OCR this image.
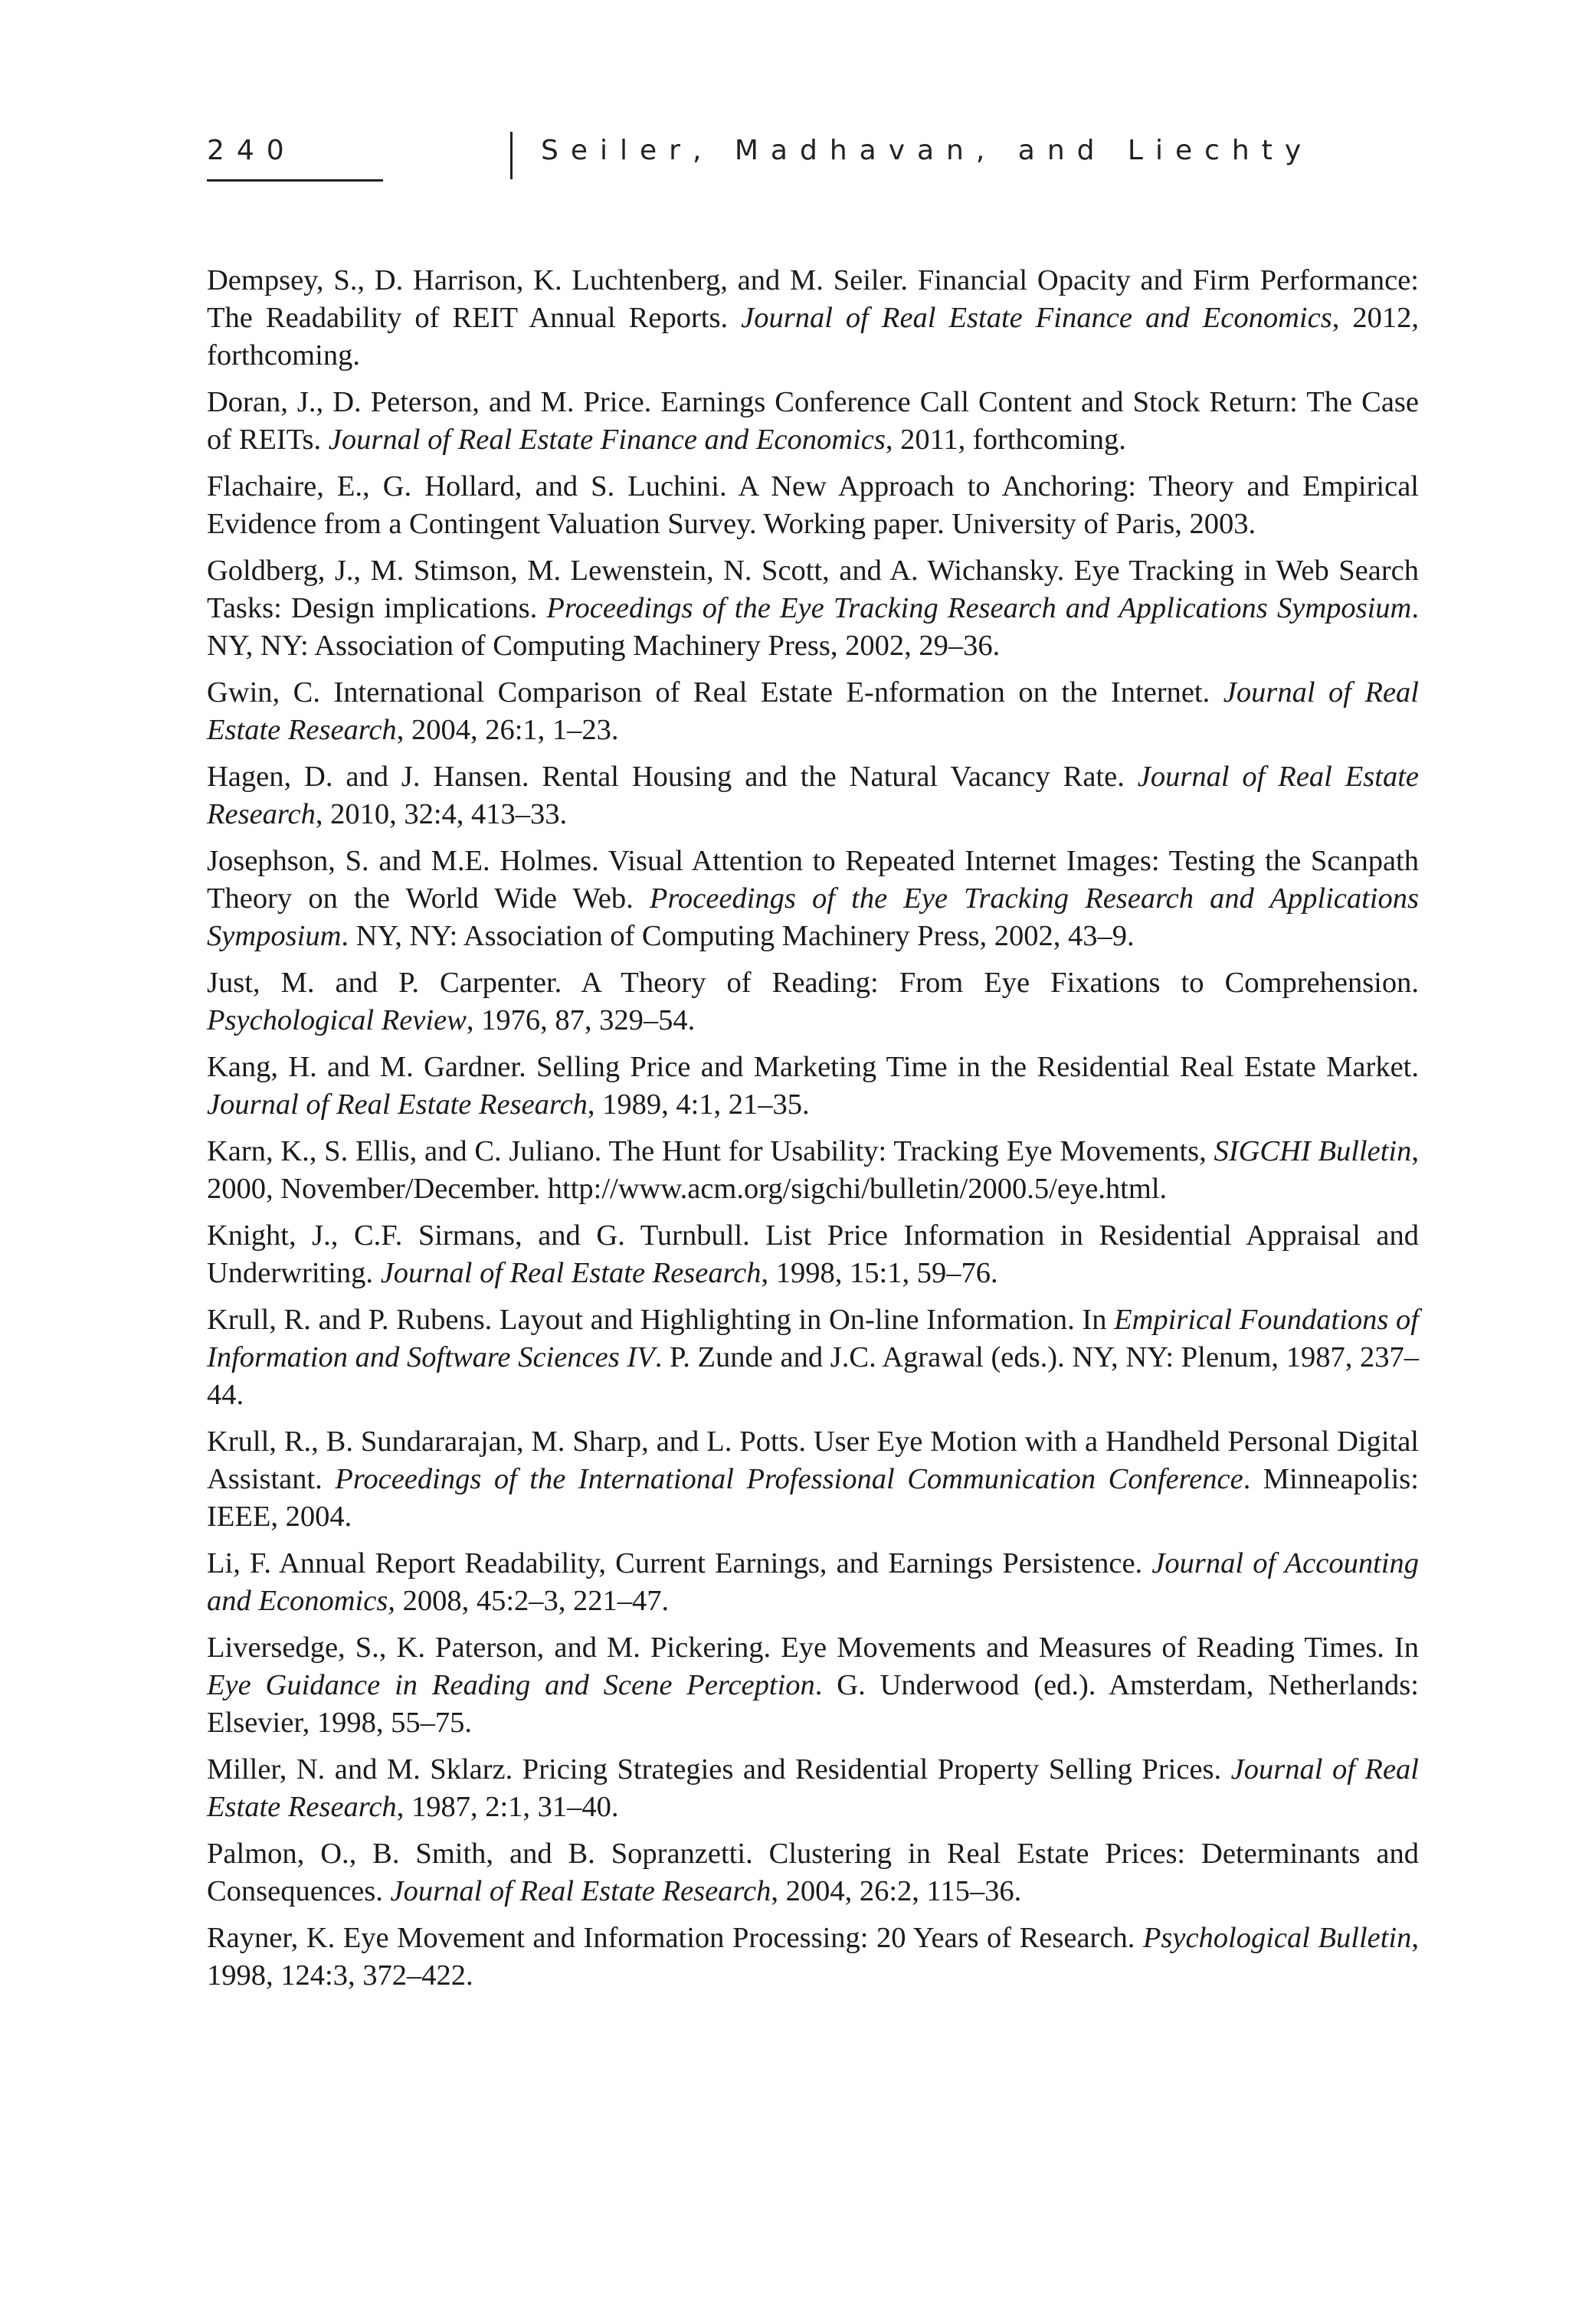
240	Seiler, Madhavan, and Liechty

Dempsey, S., D. Harrison, K. Luchtenberg, and M. Seiler. Financial Opacity and Firm Performance: The Readability of REIT Annual Reports. Journal of Real Estate Finance and Economics, 2012, forthcoming.

Doran, J., D. Peterson, and M. Price. Earnings Conference Call Content and Stock Return: The Case of REITs. Journal of Real Estate Finance and Economics, 2011, forthcoming.

Flachaire, E., G. Hollard, and S. Luchini. A New Approach to Anchoring: Theory and Empirical Evidence from a Contingent Valuation Survey. Working paper. University of Paris, 2003.

Goldberg, J., M. Stimson, M. Lewenstein, N. Scott, and A. Wichansky. Eye Tracking in Web Search Tasks: Design implications. Proceedings of the Eye Tracking Research and Applications Symposium. NY, NY: Association of Computing Machinery Press, 2002, 29–36.

Gwin, C. International Comparison of Real Estate E-nformation on the Internet. Journal of Real Estate Research, 2004, 26:1, 1–23.

Hagen, D. and J. Hansen. Rental Housing and the Natural Vacancy Rate. Journal of Real Estate Research, 2010, 32:4, 413–33.

Josephson, S. and M.E. Holmes. Visual Attention to Repeated Internet Images: Testing the Scanpath Theory on the World Wide Web. Proceedings of the Eye Tracking Research and Applications Symposium. NY, NY: Association of Computing Machinery Press, 2002, 43–9.

Just, M. and P. Carpenter. A Theory of Reading: From Eye Fixations to Comprehension. Psychological Review, 1976, 87, 329–54.

Kang, H. and M. Gardner. Selling Price and Marketing Time in the Residential Real Estate Market. Journal of Real Estate Research, 1989, 4:1, 21–35.

Karn, K., S. Ellis, and C. Juliano. The Hunt for Usability: Tracking Eye Movements, SIGCHI Bulletin, 2000, November/December. http://www.acm.org/sigchi/bulletin/2000.5/eye.html.

Knight, J., C.F. Sirmans, and G. Turnbull. List Price Information in Residential Appraisal and Underwriting. Journal of Real Estate Research, 1998, 15:1, 59–76.

Krull, R. and P. Rubens. Layout and Highlighting in On-line Information. In Empirical Foundations of Information and Software Sciences IV. P. Zunde and J.C. Agrawal (eds.). NY, NY: Plenum, 1987, 237–44.

Krull, R., B. Sundararajan, M. Sharp, and L. Potts. User Eye Motion with a Handheld Personal Digital Assistant. Proceedings of the International Professional Communication Conference. Minneapolis: IEEE, 2004.

Li, F. Annual Report Readability, Current Earnings, and Earnings Persistence. Journal of Accounting and Economics, 2008, 45:2–3, 221–47.

Liversedge, S., K. Paterson, and M. Pickering. Eye Movements and Measures of Reading Times. In Eye Guidance in Reading and Scene Perception. G. Underwood (ed.). Amsterdam, Netherlands: Elsevier, 1998, 55–75.

Miller, N. and M. Sklarz. Pricing Strategies and Residential Property Selling Prices. Journal of Real Estate Research, 1987, 2:1, 31–40.

Palmon, O., B. Smith, and B. Sopranzetti. Clustering in Real Estate Prices: Determinants and Consequences. Journal of Real Estate Research, 2004, 26:2, 115–36.

Rayner, K. Eye Movement and Information Processing: 20 Years of Research. Psychological Bulletin, 1998, 124:3, 372–422.
